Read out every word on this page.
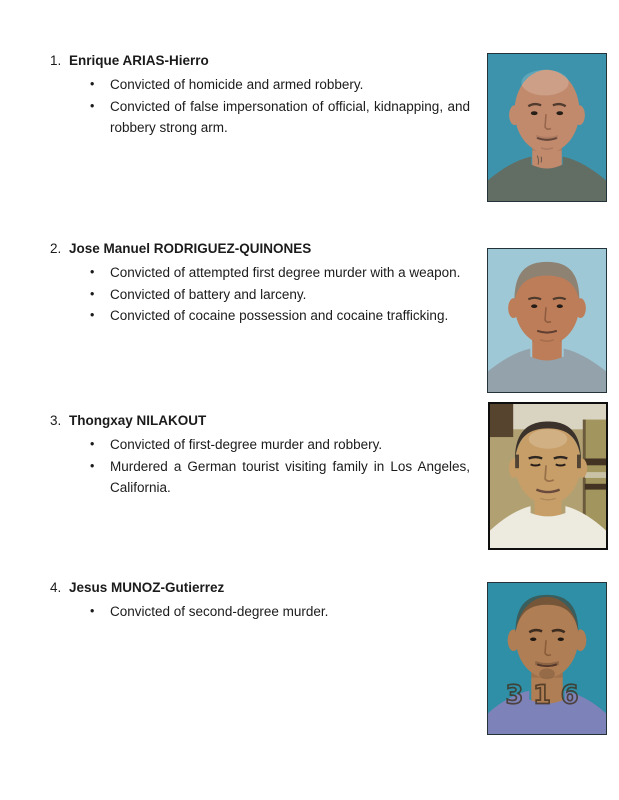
1. Enrique ARIAS-Hierro
•	Convicted of homicide and armed robbery.
•	Convicted of false impersonation of official, kidnapping, and robbery strong arm.
2. Jose Manuel RODRIGUEZ-QUINONES
•	Convicted of attempted first degree murder with a weapon.
•	Convicted of battery and larceny.
•	Convicted of cocaine possession and cocaine trafficking.
3. Thongxay NILAKOUT
•	Convicted of first-degree murder and robbery.
•	Murdered a German tourist visiting family in Los Angeles, California.
4. Jesus MUNOZ-Gutierrez
•	Convicted of second-degree murder.
316
